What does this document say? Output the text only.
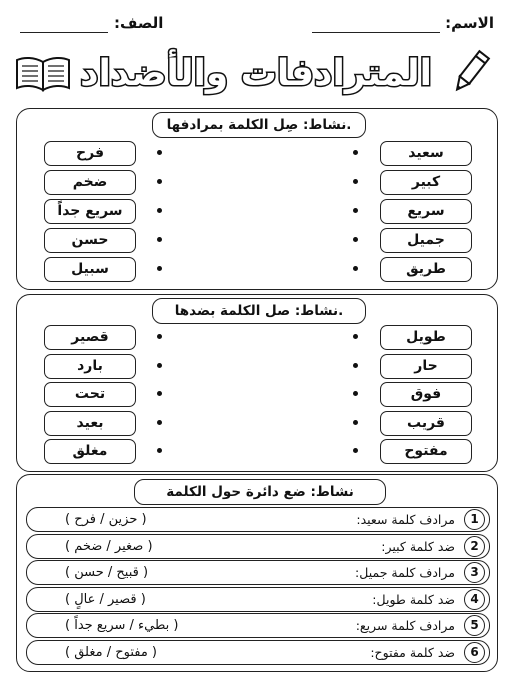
الاسم:
الصف:
المترادفات والأضداد
نشاط: صِل الكلمة بمرادفها.
سعيد
فرح
كبير
ضخم
سريع
سريع جداً
جميل
حسن
طريق
سبيل
نشاط: صل الكلمة بضدها.
طويل
قصير
حار
بارد
فوق
تحت
قريب
بعيد
مفتوح
مغلق
نشاط: ضع دائرة حول الكلمة
1
مرادف كلمة سعيد:
( حزين / فرح )
2
ضد كلمة كبير:
( صغير / ضخم )
3
مرادف كلمة جميل:
( قبيح / حسن )
4
ضد كلمة طويل:
( قصير / عالٍ )
5
مرادف كلمة سريع:
( بطيء / سريع جداً )
6
ضد كلمة مفتوح:
( مفتوح / مغلق )
